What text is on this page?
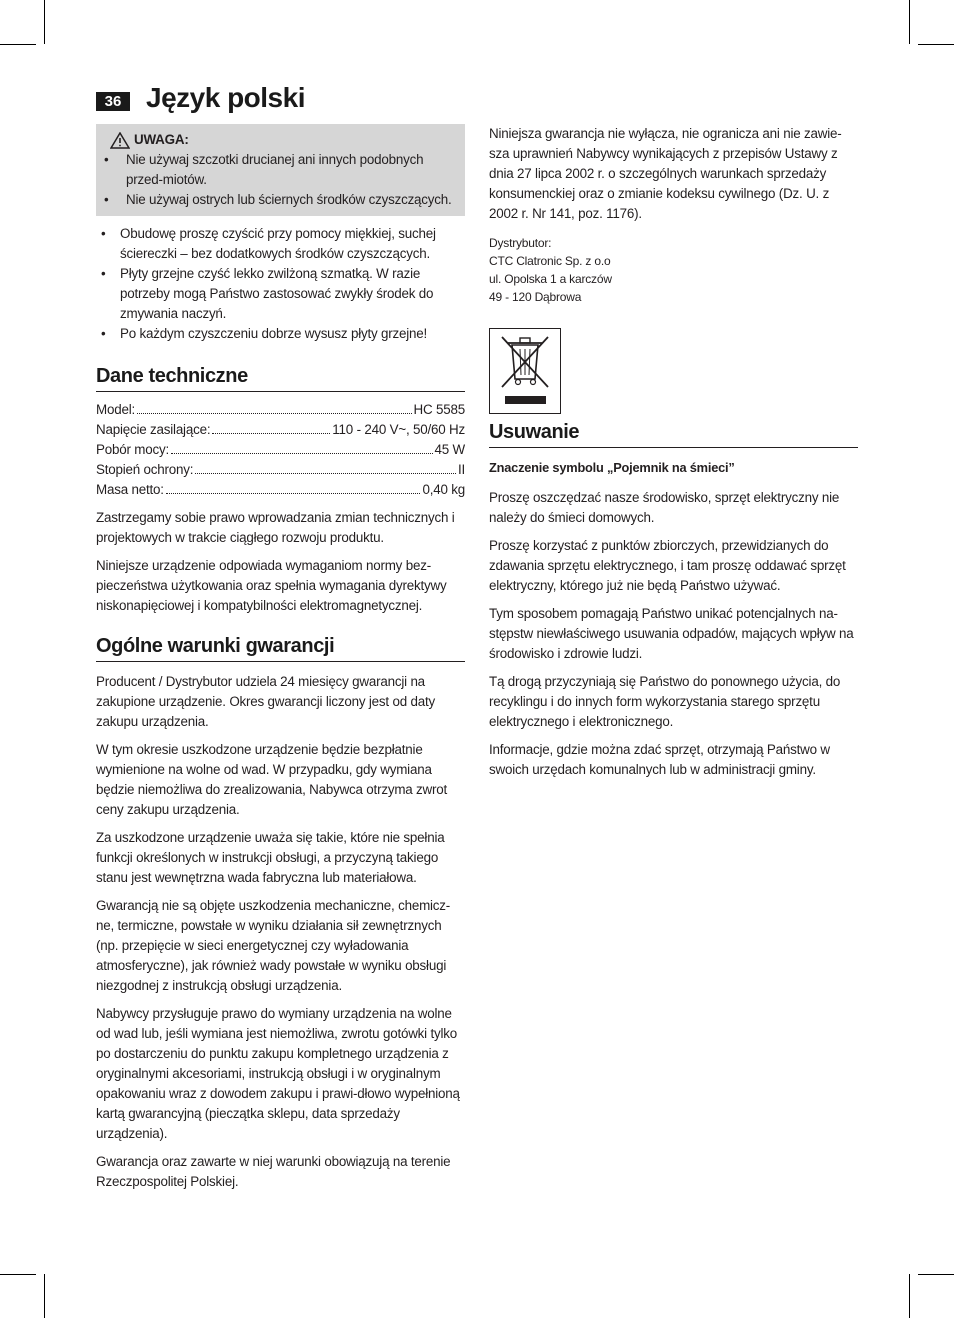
36 Język polski
UWAGA:
• Nie używaj szczotki drucianej ani innych podobnych przed-miotów.
• Nie używaj ostrych lub ściernych środków czyszczących.
• Obudowę proszę czyścić przy pomocy miękkiej, suchej ściereczki – bez dodatkowych środków czyszczących.
• Płyty grzejne czyść lekko zwilżoną szmatką. W razie potrzeby mogą Państwo zastosować zwykły środek do zmywania naczyń.
• Po każdym czyszczeniu dobrze wysusz płyty grzejne!
Dane techniczne
Model:	HC 5585
Napięcie zasilające:	110 - 240 V~, 50/60 Hz
Pobór mocy:	45 W
Stopień ochrony:	II
Masa netto:	0,40 kg

Zastrzegamy sobie prawo wprowadzania zmian technicznych i projektowych w trakcie ciągłego rozwoju produktu.

Niniejsze urządzenie odpowiada wymaganiom normy bez-pieczeństwa użytkowania oraz spełnia wymagania dyrektywy niskonapięciowej i kompatybilności elektromagnetycznej.

Ogólne warunki gwarancji

Producent / Dystrybutor udziela 24 miesięcy gwarancji na zakupione urządzenie. Okres gwarancji liczony jest od daty zakupu urządzenia.

W tym okresie uszkodzone urządzenie będzie bezpłatnie wymienione na wolne od wad. W przypadku, gdy wymiana będzie niemożliwa do zrealizowania, Nabywca otrzyma zwrot ceny zakupu urządzenia.

Za uszkodzone urządzenie uważa się takie, które nie spełnia funkcji określonych w instrukcji obsługi, a przyczyną takiego stanu jest wewnętrzna wada fabryczna lub materiałowa.

Gwarancją nie są objęte uszkodzenia mechaniczne, chemicz-ne, termiczne, powstałe w wyniku działania sił zewnętrznych (np. przepięcie w sieci energetycznej czy wyładowania atmosferyczne), jak również wady powstałe w wyniku obsługi niezgodnej z instrukcją obsługi urządzenia.

Nabywcy przysługuje prawo do wymiany urządzenia na wolne od wad lub, jeśli wymiana jest niemożliwa, zwrotu gotówki tylko po dostarczeniu do punktu zakupu kompletnego urządzenia z oryginalnymi akcesoriami, instrukcją obsługi i w oryginalnym opakowaniu wraz z dowodem zakupu i prawi-dłowo wypełnioną kartą gwarancyjną (pieczątka sklepu, data sprzedaży urządzenia).

Gwarancja oraz zawarte w niej warunki obowiązują na terenie Rzeczpospolitej Polskiej.

Niniejsza gwarancja nie wyłącza, nie ogranicza ani nie zawie-sza uprawnień Nabywcy wynikających z przepisów Ustawy z dnia 27 lipca 2002 r. o szczególnych warunkach sprzedaży konsumenckiej oraz o zmianie kodeksu cywilnego (Dz. U. z 2002 r. Nr 141, poz. 1176).

Dystrybutor:
CTC Clatronic Sp. z o.o
ul. Opolska 1 a karczów
49 - 120 Dąbrowa
Usuwanie
Znaczenie symbolu „Pojemnik na śmieci”

Proszę oszczędzać nasze środowisko, sprzęt elektryczny nie należy do śmieci domowych.

Proszę korzystać z punktów zbiorczych, przewidzianych do zdawania sprzętu elektrycznego, i tam proszę oddawać sprzęt elektryczny, którego już nie będą Państwo używać.

Tym sposobem pomagają Państwo unikać potencjalnych na-stępstw niewłaściwego usuwania odpadów, mających wpływ na środowisko i zdrowie ludzi.

Tą drogą przyczyniają się Państwo do ponownego użycia, do recyklingu i do innych form wykorzystania starego sprzętu elektrycznego i elektronicznego.

Informacje, gdzie można zdać sprzęt, otrzymają Państwo w swoich urzędach komunalnych lub w administracji gminy.
